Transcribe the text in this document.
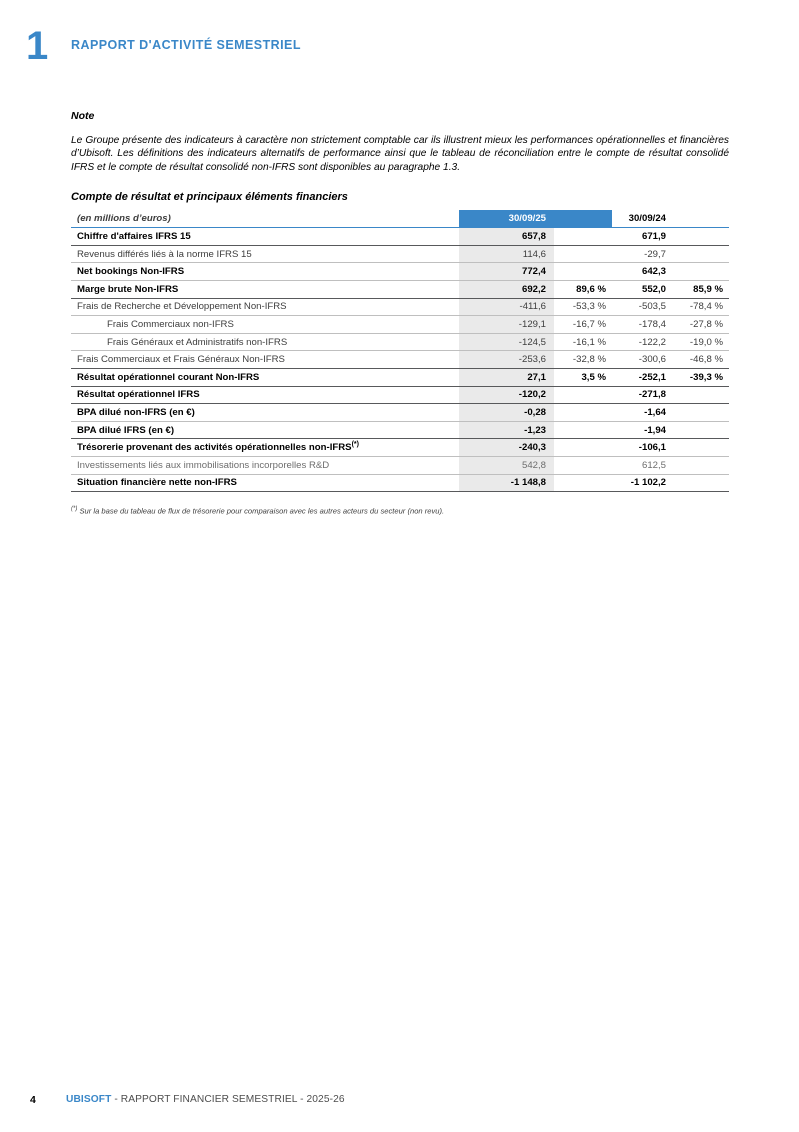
1 RAPPORT D'ACTIVITÉ SEMESTRIEL
Note

Le Groupe présente des indicateurs à caractère non strictement comptable car ils illustrent mieux les performances opérationnelles et financières d’Ubisoft. Les définitions des indicateurs alternatifs de performance ainsi que le tableau de réconciliation entre le compte de résultat consolidé IFRS et le compte de résultat consolidé non-IFRS sont disponibles au paragraphe 1.3.

Compte de résultat et principaux éléments financiers
(en millions d’euros)	30/09/25		30/09/24	
Chiffre d'affaires IFRS 15	657,8		671,9	
Revenus différés liés à la norme IFRS 15	114,6		-29,7	
Net bookings Non-IFRS	772,4		642,3	
Marge brute Non-IFRS	692,2	89,6 %	552,0	85,9 %
Frais de Recherche et Développement Non-IFRS	-411,6	-53,3 %	-503,5	-78,4 %
Frais Commerciaux non-IFRS	-129,1	-16,7 %	-178,4	-27,8 %
Frais Généraux et Administratifs non-IFRS	-124,5	-16,1 %	-122,2	-19,0 %
Frais Commerciaux et Frais Généraux Non-IFRS	-253,6	-32,8 %	-300,6	-46,8 %
Résultat opérationnel courant Non-IFRS	27,1	3,5 %	-252,1	-39,3 %
Résultat opérationnel IFRS	-120,2		-271,8	
BPA dilué non-IFRS (en €)	-0,28		-1,64	
BPA dilué IFRS (en €)	-1,23		-1,94	
Trésorerie provenant des activités opérationnelles non-IFRS(*)	-240,3		-106,1	
Investissements liés aux immobilisations incorporelles R&D	542,8		612,5	
Situation financière nette non-IFRS	-1 148,8		-1 102,2	
(*) Sur la base du tableau de flux de trésorerie pour comparaison avec les autres acteurs du secteur (non revu).
4	UBISOFT - RAPPORT FINANCIER SEMESTRIEL - 2025-26
